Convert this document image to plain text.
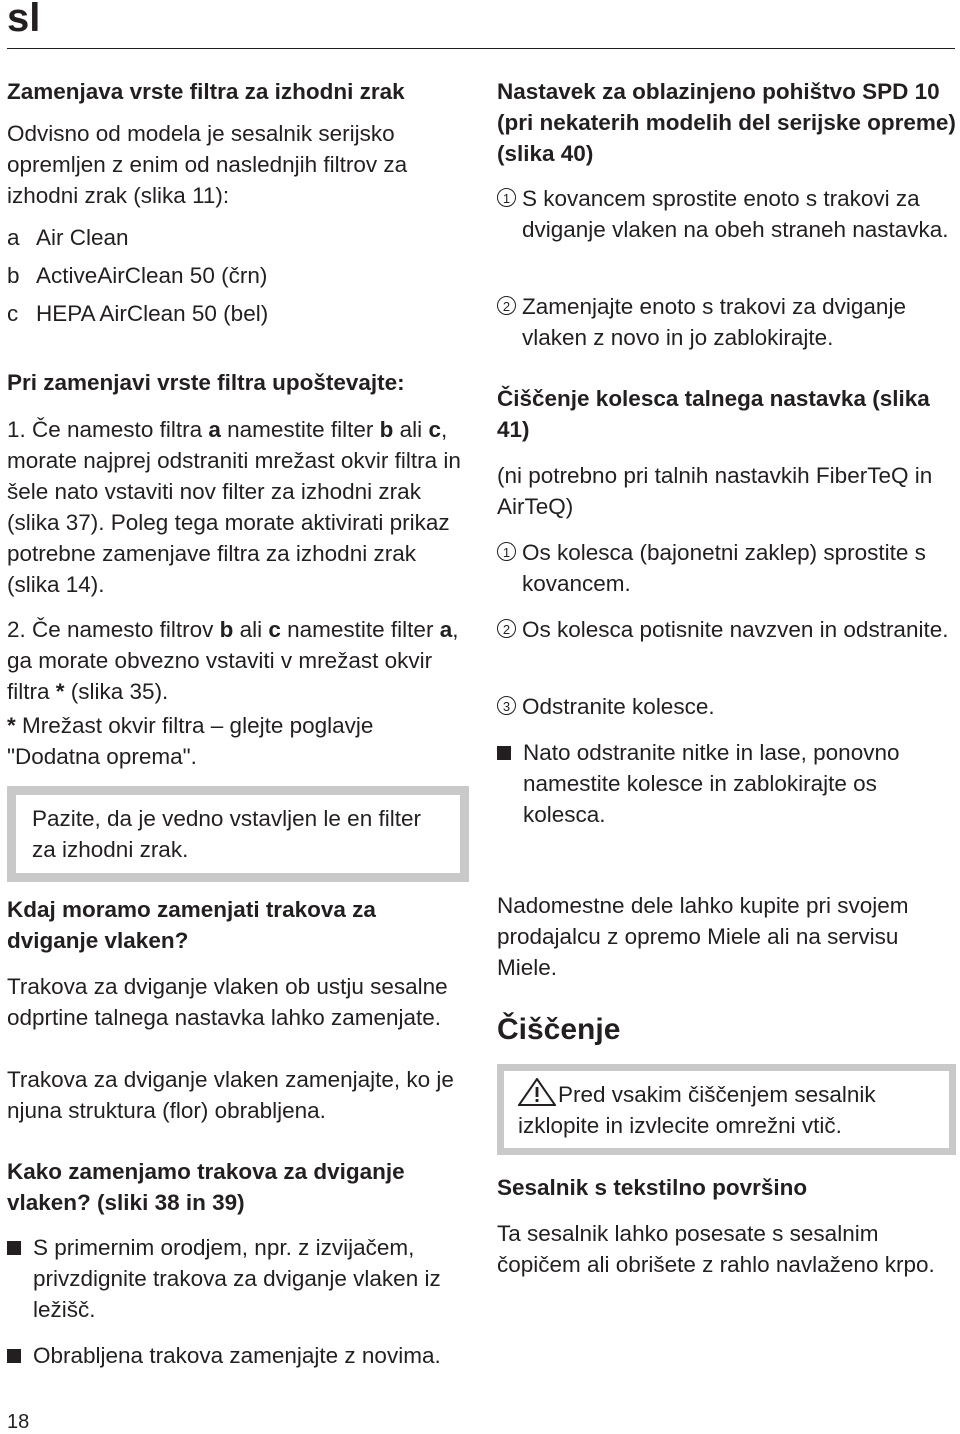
sl

Zamenjava vrste filtra za izhodni zrak

Odvisno od modela je sesalnik serijsko opremljen z enim od naslednjih filtrov za izhodni zrak (slika 11):

a Air Clean
b ActiveAirClean 50 (črn)
c HEPA AirClean 50 (bel)

Pri zamenjavi vrste filtra upoštevajte:

1. Če namesto filtra a namestite filter b ali c, morate najprej odstraniti mrežast okvir filtra in šele nato vstaviti nov filter za izhodni zrak (slika 37). Poleg tega morate aktivirati prikaz potrebne zamenjave filtra za izhodni zrak (slika 14).

2. Če namesto filtrov b ali c namestite filter a, ga morate obvezno vstaviti v mrežast okvir filtra * (slika 35).

* Mrežast okvir filtra – glejte poglavje "Dodatna oprema".

Pazite, da je vedno vstavljen le en filter za izhodni zrak.

Kdaj moramo zamenjati trakova za dviganje vlaken?

Trakova za dviganje vlaken ob ustju sesalne odprtine talnega nastavka lahko zamenjate.

Trakova za dviganje vlaken zamenjajte, ko je njuna struktura (flor) obrabljena.

Kako zamenjamo trakova za dviganje vlaken? (sliki 38 in 39)

S primernim orodjem, npr. z izvijačem, privzdignite trakova za dviganje vlaken iz ležišč.
Obrabljena trakova zamenjajte z novima.

Nastavek za oblazinjeno pohištvo SPD 10 (pri nekaterih modelih del serijske opreme) (slika 40)

1 S kovancem sprostite enoto s trakovi za dviganje vlaken na obeh straneh nastavka.
2 Zamenjajte enoto s trakovi za dviganje vlaken z novo in jo zablokirajte.

Čiščenje kolesca talnega nastavka (slika 41)

(ni potrebno pri talnih nastavkih FiberTeQ in AirTeQ)

1 Os kolesca (bajonetni zaklep) sprostite s kovancem.
2 Os kolesca potisnite navzven in odstranite.
3 Odstranite kolesce.
Nato odstranite nitke in lase, ponovno namestite kolesce in zablokirajte os kolesca.

Nadomestne dele lahko kupite pri svojem prodajalcu z opremo Miele ali na servisu Miele.

Čiščenje

Pred vsakim čiščenjem sesalnik izklopite in izvlecite omrežni vtič.

Sesalnik s tekstilno površino

Ta sesalnik lahko posesate s sesalnim čopičem ali obrišete z rahlo navlaženo krpo.

18
